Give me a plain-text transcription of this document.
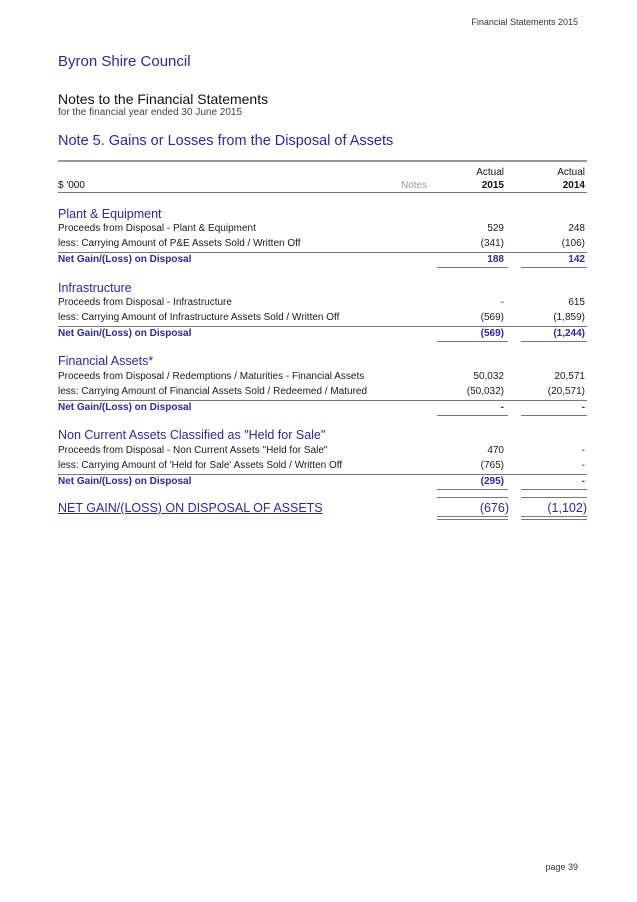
Financial Statements 2015
Byron Shire Council
Notes to the Financial Statements
for the financial year ended 30 June 2015
Note 5. Gains or Losses from the Disposal of Assets
Actual	Actual
$ '000	Notes	2015	2014
Plant & Equipment
Proceeds from Disposal - Plant & Equipment	529	248
less: Carrying Amount of P&E Assets Sold / Written Off	(341)	(106)
Net Gain/(Loss) on Disposal	188	142
Infrastructure
Proceeds from Disposal - Infrastructure	-	615
less: Carrying Amount of Infrastructure Assets Sold / Written Off	(569)	(1,859)
Net Gain/(Loss) on Disposal	(569)	(1,244)
Financial Assets*
Proceeds from Disposal / Redemptions / Maturities - Financial Assets	50,032	20,571
less: Carrying Amount of Financial Assets Sold / Redeemed / Matured	(50,032)	(20,571)
Net Gain/(Loss) on Disposal	-	-
Non Current Assets Classified as "Held for Sale"
Proceeds from Disposal - Non Current Assets "Held for Sale"	470	-
less: Carrying Amount of 'Held for Sale' Assets Sold / Written Off	(765)	-
Net Gain/(Loss) on Disposal	(295)	-
NET GAIN/(LOSS) ON DISPOSAL OF ASSETS	(676)	(1,102)
page 39
